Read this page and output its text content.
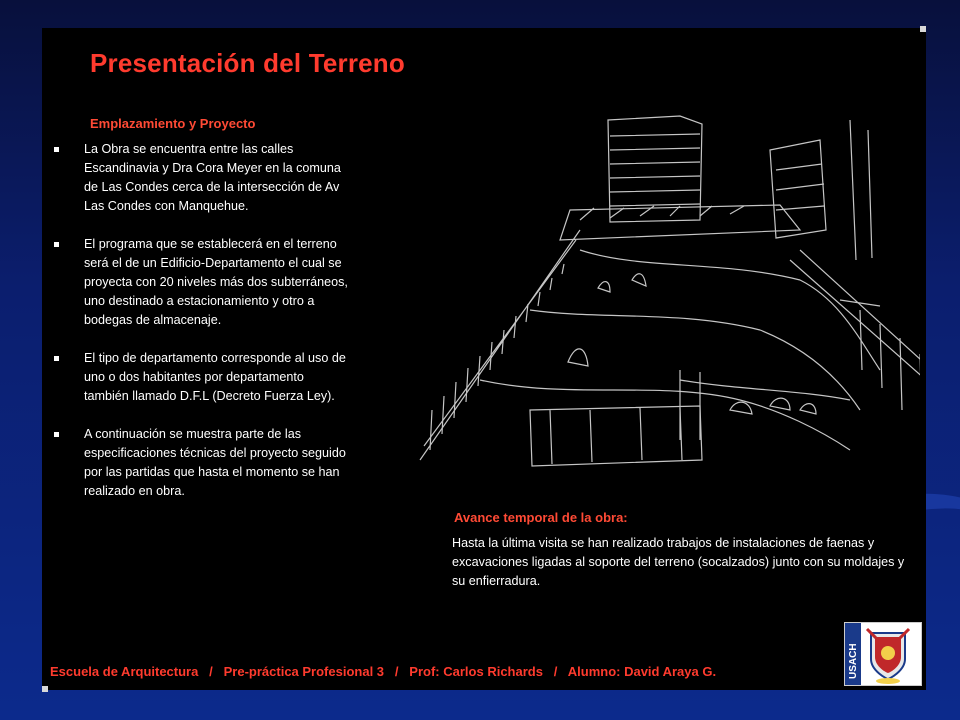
Presentación del Terreno
Emplazamiento y Proyecto
La Obra se encuentra entre las calles Escandinavia y Dra Cora Meyer en la comuna de Las Condes cerca de la intersección de Av Las Condes con Manquehue.
El programa que se establecerá en el terreno será el de un Edificio-Departamento el cual se proyecta con 20 niveles más dos subterráneos, uno destinado a estacionamiento y otro a bodegas de almacenaje.
El tipo de departamento corresponde al uso de uno o dos habitantes por departamento también llamado D.F.L (Decreto Fuerza Ley).
A continuación se muestra parte de las especificaciones técnicas del proyecto seguido por las partidas que hasta el momento se han realizado en obra.
Avance temporal de la obra:
Hasta la última visita se han realizado trabajos de instalaciones de faenas y excavaciones ligadas al soporte del terreno (socalzados) junto con su moldajes y su enfierradura.
Escuela de Arquitectura   /   Pre-práctica Profesional 3   /   Prof: Carlos Richards   /   Alumno: David Araya G.	USACH
